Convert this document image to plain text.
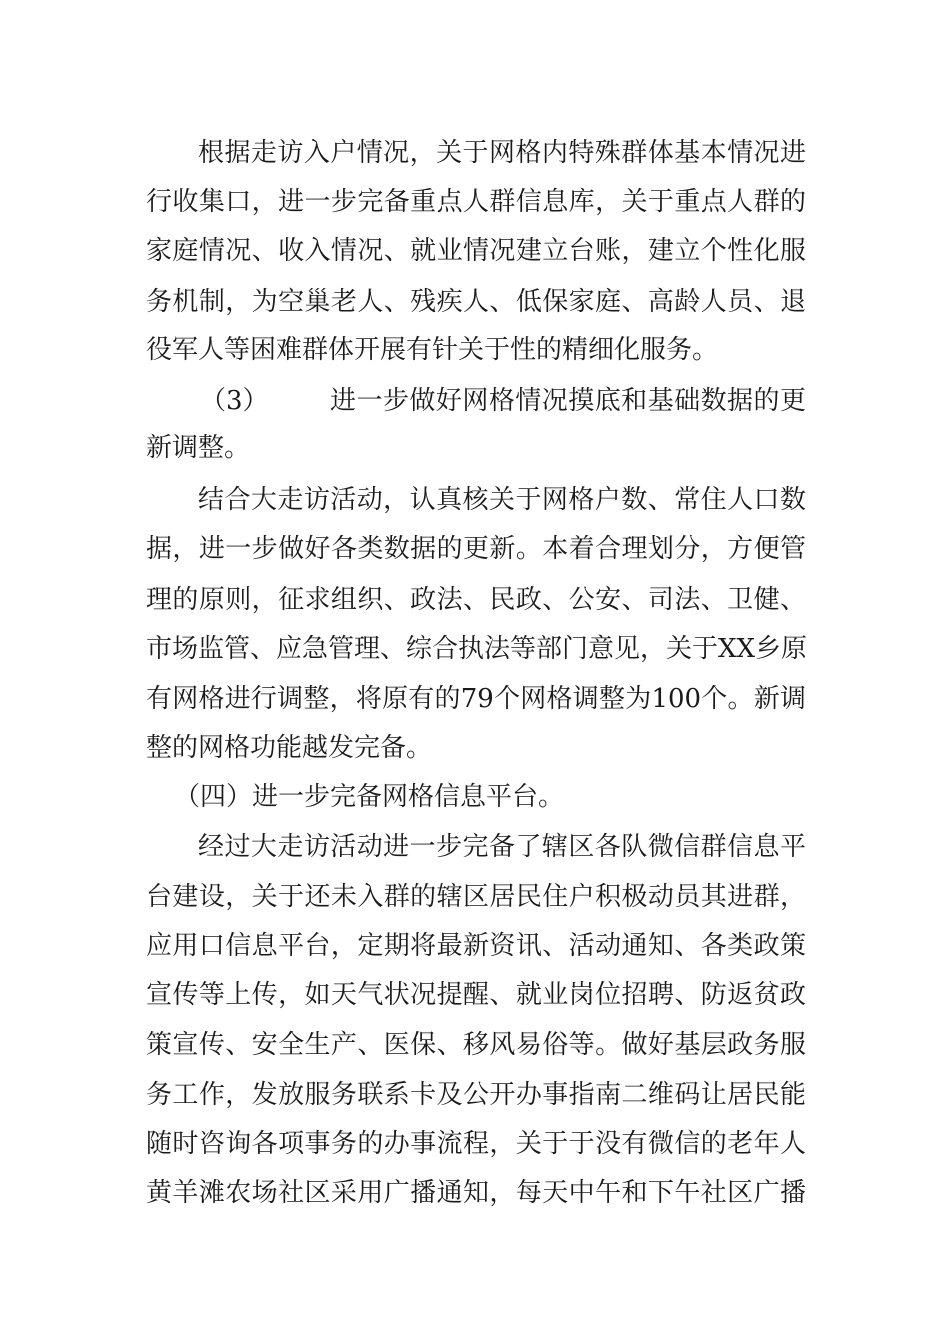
根据走访入户情况，关于网格内特殊群体基本情况进
行收集口，进一步完备重点人群信息库，关于重点人群的
家庭情况、收入情况、就业情况建立台账，建立个性化服
务机制，为空巢老人、残疾人、低保家庭、高龄人员、退
役军人等困难群体开展有针关于性的精细化服务。
（3） 进一步做好网格情况摸底和基础数据的更
新调整。
结合大走访活动，认真核关于网格户数、常住人口数
据，进一步做好各类数据的更新。本着合理划分，方便管
理的原则，征求组织、政法、民政、公安、司法、卫健、
市场监管、应急管理、综合执法等部门意见，关于XX乡原
有网格进行调整，将原有的79个网格调整为100个。新调
整的网格功能越发完备。
（四）进一步完备网格信息平台。
经过大走访活动进一步完备了辖区各队微信群信息平
台建设，关于还未入群的辖区居民住户积极动员其进群，
应用口信息平台，定期将最新资讯、活动通知、各类政策
宣传等上传，如天气状况提醒、就业岗位招聘、防返贫政
策宣传、安全生产、医保、移风易俗等。做好基层政务服
务工作，发放服务联系卡及公开办事指南二维码让居民能
随时咨询各项事务的办事流程，关于于没有微信的老年人
黄羊滩农场社区采用广播通知，每天中午和下午社区广播
